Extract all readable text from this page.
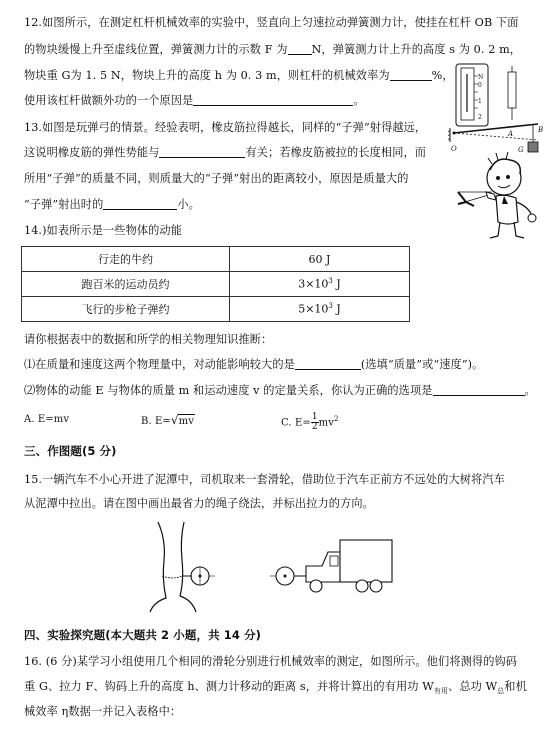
12.如图所示，在测定杠杆机械效率的实验中，竖直向上匀速拉动弹簧测力计，使挂在杠杆 OB 下面
的物块缓慢上升至虚线位置，弹簧测力计的示数 F 为 N，弹簧测力计上升的高度 s 为 0. 2 m，
物块重 G为 1. 5 N，物块上升的高度 h 为 0. 3 m，则杠杆的机械效率为	%，
使用该杠杆做额外功的一个原因是	。
N
0
1
2
O
A	B
G
13.如图是玩弹弓的情景。经验表明，橡皮筋拉得越长，同样的“子弹”射得越远，
这说明橡皮筋的弹性势能与	有关；若橡皮筋被拉的长度相同，而
所用“子弹”的质量不同，则质量大的“子弹”射出的距离较小，原因是质量大的
“子弹”射出时的	小。
14.)如表所示是一些物体的动能
行走的牛约	60 J
跑百米的运动员约	$3\times 10^3$ J
飞行的步枪子弹约	$5\times 10^3$ J
请你根据表中的数据和所学的相关物理知识推断：
⑴在质量和速度这两个物理量中，对动能影响较大的是	(选填“质量”或“速度”)。
⑵物体的动能 E 与物体的质量 m 和运动速度 v 的定量关系，你认为正确的选项是	。
A. E=mv	B. E=√mv	C. $E= \frac{1}{2} mv^2$
三、作图题(5 分)
15.一辆汽车不小心开进了泥潭中，司机取来一套滑轮，借助位于汽车正前方不远处的大树将汽车
从泥潭中拉出。请在图中画出最省力的绳子绕法，并标出拉力的方向。
四、实验探究题(本大题共 2 小题，共 14 分)
16. (6 分)某学习小组使用几个相同的滑轮分别进行机械效率的测定，如图所示。他们将测得的钩码
重 G、拉力 F、钩码上升的高度 h、测力计移动的距离 s，并将计算出的有用功 $W_{有用}$、总功 $W_总$和机
械效率 η数据一并记入表格中：
